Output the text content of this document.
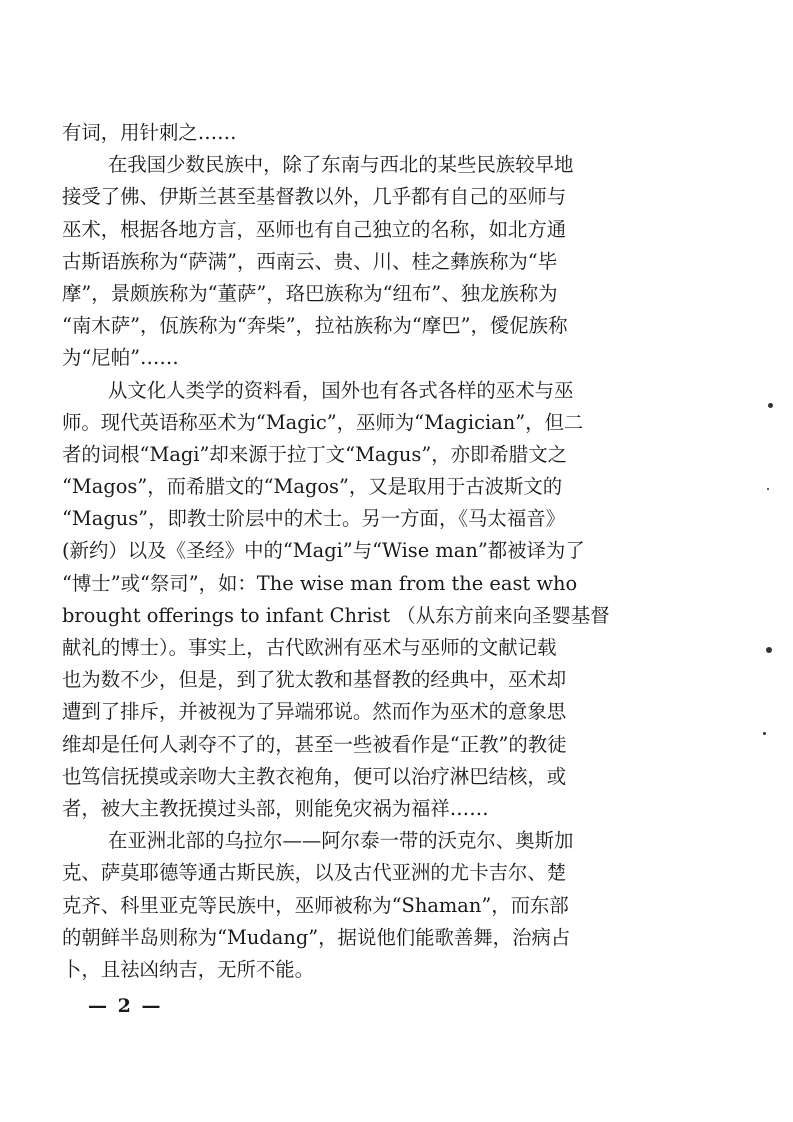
有词，用针刺之……
在我国少数民族中，除了东南与西北的某些民族较早地
接受了佛、伊斯兰甚至基督教以外，几乎都有自己的巫师与
巫术，根据各地方言，巫师也有自己独立的名称，如北方通
古斯语族称为“萨满”，西南云、贵、川、桂之彝族称为“毕
摩”，景颇族称为“董萨”，珞巴族称为“纽布”、独龙族称为
“南木萨”，佤族称为“奔柴”，拉祜族称为“摩巴”，僾伲族称
为“尼帕”……
从文化人类学的资料看，国外也有各式各样的巫术与巫
师。现代英语称巫术为“Magic”，巫师为“Magician”，但二
者的词根“Magi”却来源于拉丁文“Magus”，亦即希腊文之
“Magos”，而希腊文的“Magos”，又是取用于古波斯文的
“Magus”，即教士阶层中的术士。另一方面，《马太福音》
(新约）以及《圣经》中的“Magi”与“Wise man”都被译为了
“博士”或“祭司”，如：The wise man from the east who
brought offerings to infant Christ （从东方前来向圣婴基督
献礼的博士）。事实上，古代欧洲有巫术与巫师的文献记载
也为数不少，但是，到了犹太教和基督教的经典中，巫术却
遭到了排斥，并被视为了异端邪说。然而作为巫术的意象思
维却是任何人剥夺不了的，甚至一些被看作是“正教”的教徒
也笃信抚摸或亲吻大主教衣袍角，便可以治疗淋巴结核，或
者，被大主教抚摸过头部，则能免灾祸为福祥……
在亚洲北部的乌拉尔——阿尔泰一带的沃克尔、奥斯加
克、萨莫耶德等通古斯民族，以及古代亚洲的尤卡吉尔、楚
克齐、科里亚克等民族中，巫师被称为“Shaman”，而东部
的朝鲜半岛则称为“Mudang”，据说他们能歌善舞，治病占
卜，且祛凶纳吉，无所不能。
— 2 —
